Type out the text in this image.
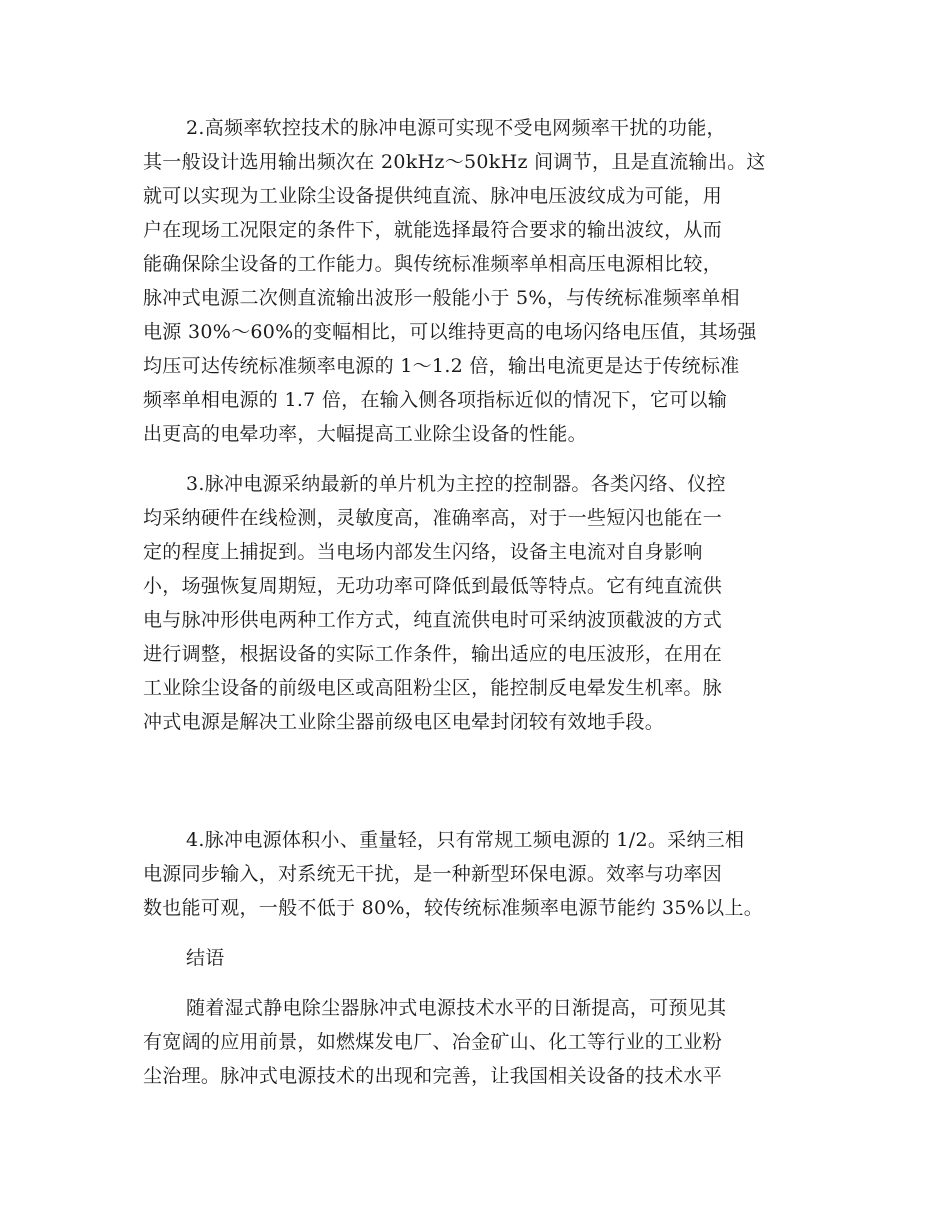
2.高频率软控技术的脉冲电源可实现不受电网频率干扰的功能，
其一般设计选用输出频次在 20kHz～50kHz 间调节，且是直流输出。这
就可以实现为工业除尘设备提供纯直流、脉冲电压波纹成为可能，用
户在现场工况限定的条件下，就能选择最符合要求的输出波纹，从而
能确保除尘设备的工作能力。與传统标准频率单相高压电源相比较，
脉冲式电源二次侧直流输出波形一般能小于 5%，与传统标准频率单相
电源 30%～60%的变幅相比，可以维持更高的电场闪络电压值，其场强
均压可达传统标准频率电源的 1～1.2 倍，输出电流更是达于传统标准
频率单相电源的 1.7 倍，在输入侧各项指标近似的情况下，它可以输
出更高的电晕功率，大幅提高工业除尘设备的性能。
3.脉冲电源采纳最新的单片机为主控的控制器。各类闪络、仪控
均采纳硬件在线检测，灵敏度高，准确率高，对于一些短闪也能在一
定的程度上捕捉到。当电场内部发生闪络，设备主电流对自身影响
小，场强恢复周期短，无功功率可降低到最低等特点。它有纯直流供
电与脉冲形供电两种工作方式，纯直流供电时可采纳波顶截波的方式
进行调整，根据设备的实际工作条件，输出适应的电压波形，在用在
工业除尘设备的前级电区或高阻粉尘区，能控制反电晕发生机率。脉
冲式电源是解决工业除尘器前级电区电晕封闭较有效地手段。
4.脉冲电源体积小、重量轻，只有常规工频电源的 1/2。采纳三相
电源同步输入，对系统无干扰，是一种新型环保电源。效率与功率因
数也能可观，一般不低于 80%，较传统标准频率电源节能约 35%以上。
结语
随着湿式静电除尘器脉冲式电源技术水平的日渐提高，可预见其
有宽阔的应用前景，如燃煤发电厂、冶金矿山、化工等行业的工业粉
尘治理。脉冲式电源技术的出现和完善，让我国相关设备的技术水平
